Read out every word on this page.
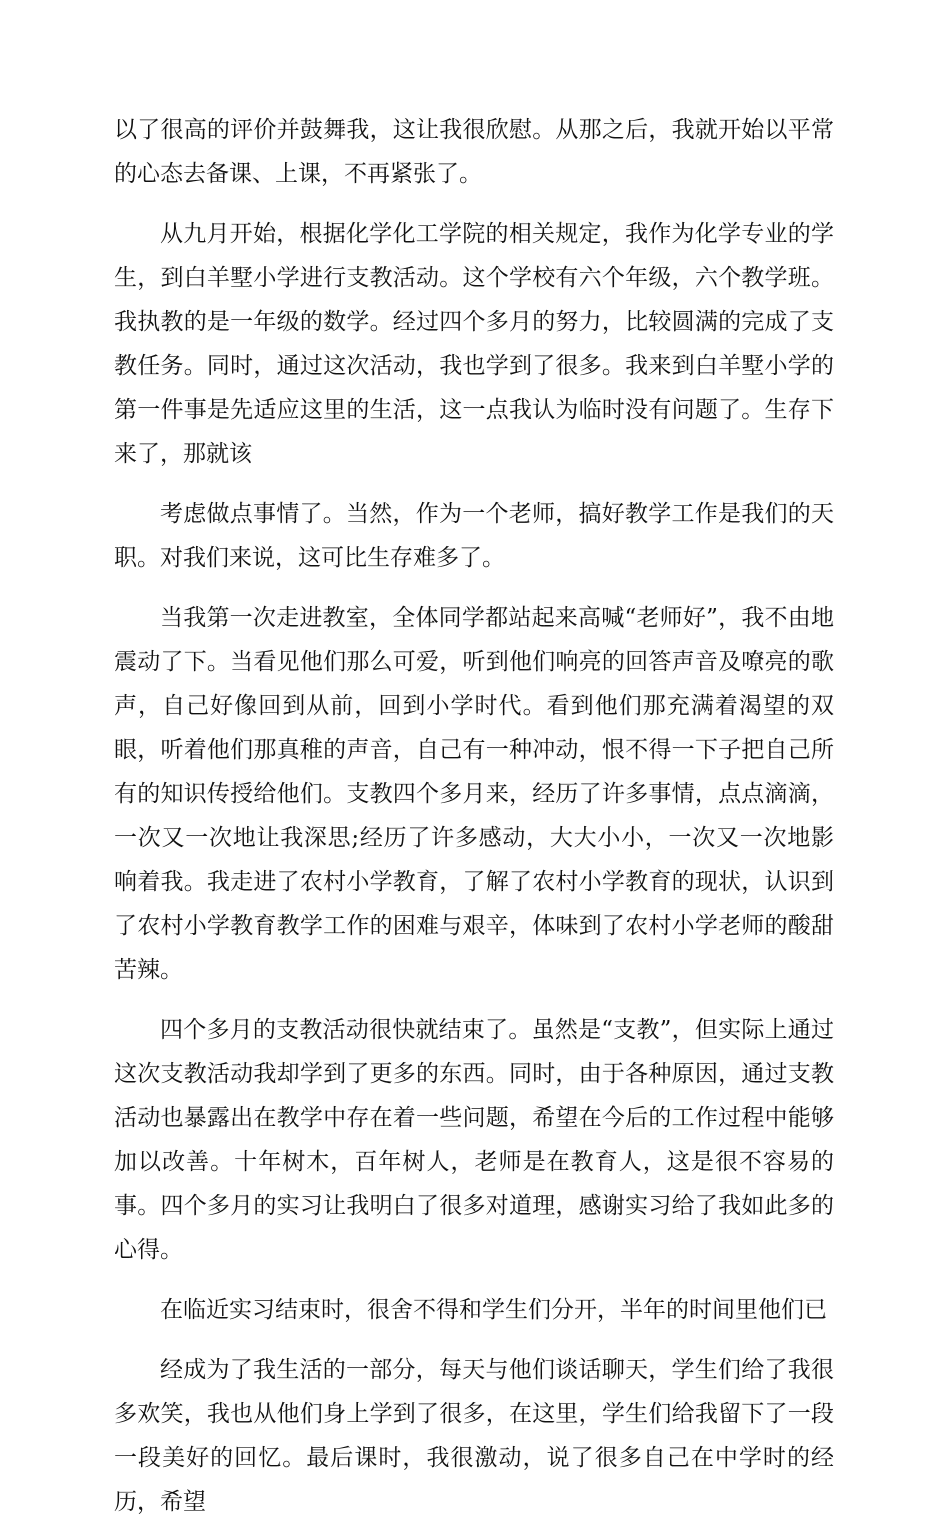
以了很高的评价并鼓舞我，这让我很欣慰。从那之后，我就开始以平常的心态去备课、上课，不再紧张了。

从九月开始，根据化学化工学院的相关规定，我作为化学专业的学生，到白羊墅小学进行支教活动。这个学校有六个年级，六个教学班。我执教的是一年级的数学。经过四个多月的努力，比较圆满的完成了支教任务。同时，通过这次活动，我也学到了很多。我来到白羊墅小学的第一件事是先适应这里的生活，这一点我认为临时没有问题了。生存下来了，那就该

考虑做点事情了。当然，作为一个老师，搞好教学工作是我们的天职。对我们来说，这可比生存难多了。

当我第一次走进教室，全体同学都站起来高喊“老师好”，我不由地震动了下。当看见他们那么可爱，听到他们响亮的回答声音及嘹亮的歌声，自己好像回到从前，回到小学时代。看到他们那充满着渴望的双眼，听着他们那真稚的声音，自己有一种冲动，恨不得一下子把自己所有的知识传授给他们。支教四个多月来，经历了许多事情，点点滴滴，一次又一次地让我深思;经历了许多感动，大大小小，一次又一次地影响着我。我走进了农村小学教育，了解了农村小学教育的现状，认识到了农村小学教育教学工作的困难与艰辛，体味到了农村小学老师的酸甜苦辣。

四个多月的支教活动很快就结束了。虽然是“支教”，但实际上通过这次支教活动我却学到了更多的东西。同时，由于各种原因，通过支教活动也暴露出在教学中存在着一些问题，希望在今后的工作过程中能够加以改善。十年树木，百年树人，老师是在教育人，这是很不容易的事。四个多月的实习让我明白了很多对道理，感谢实习给了我如此多的心得。

在临近实习结束时，很舍不得和学生们分开，半年的时间里他们已

经成为了我生活的一部分，每天与他们谈话聊天，学生们给了我很多欢笑，我也从他们身上学到了很多，在这里，学生们给我留下了一段一段美好的回忆。最后课时，我很激动，说了很多自己在中学时的经历，希望
